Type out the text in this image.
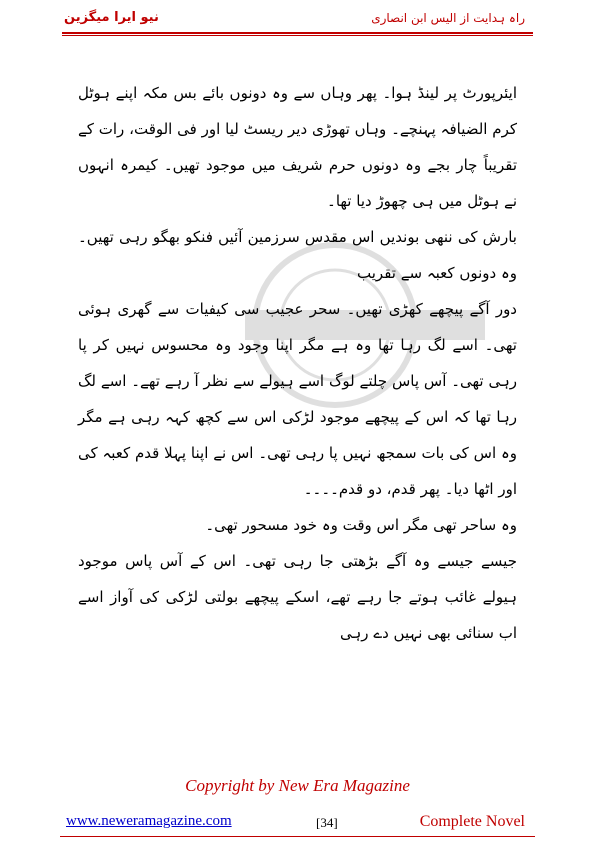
نیو ایرا میگزین	راہ ہدایت از الیس ابن انصاری

ایئرپورٹ پر لینڈ ہوا۔ پھر وہاں سے وہ دونوں بائے بس مکہ اپنے ہوٹل کرم الضیافہ پہنچے۔ وہاں تھوڑی دیر ریسٹ لیا اور فی الوقت، رات کے تقریباً چار بجے وہ دونوں حرم شریف میں موجود تھیں۔ کیمرہ انہوں نے ہوٹل میں ہی چھوڑ دیا تھا۔

بارش کی ننھی بوندیں اس مقدس سرزمین آئیں فنکو بھگو رہی تھیں۔ وہ دونوں کعبہ سے تقریب

دور آگے پیچھے کھڑی تھیں۔ سحر عجیب سی کیفیات سے گھری ہوئی تھی۔ اسے لگ رہا تھا وہ ہے مگر اپنا وجود وہ محسوس نہیں کر پا رہی تھی۔ آس پاس چلتے لوگ اسے ہیولے سے نظر آ رہے تھے۔ اسے لگ رہا تھا کہ اس کے پیچھے موجود لڑکی اس سے کچھ کہہ رہی ہے مگر وہ اس کی بات سمجھ نہیں پا رہی تھی۔ اس نے اپنا پہلا قدم کعبہ کی اور اٹھا دیا۔ پھر قدم، دو قدم۔۔۔۔

وہ ساحر تھی مگر اس وقت وہ خود مسحور تھی۔

جیسے جیسے وہ آگے بڑھتی جا رہی تھی۔ اس کے آس پاس موجود ہیولے غائب ہوتے جا رہے تھے، اسکے پیچھے بولتی لڑکی کی آواز اسے اب سنائی بھی نہیں دے رہی

Copyright by New Era Magazine
www.neweramagazine.com	[34]	Complete Novel
